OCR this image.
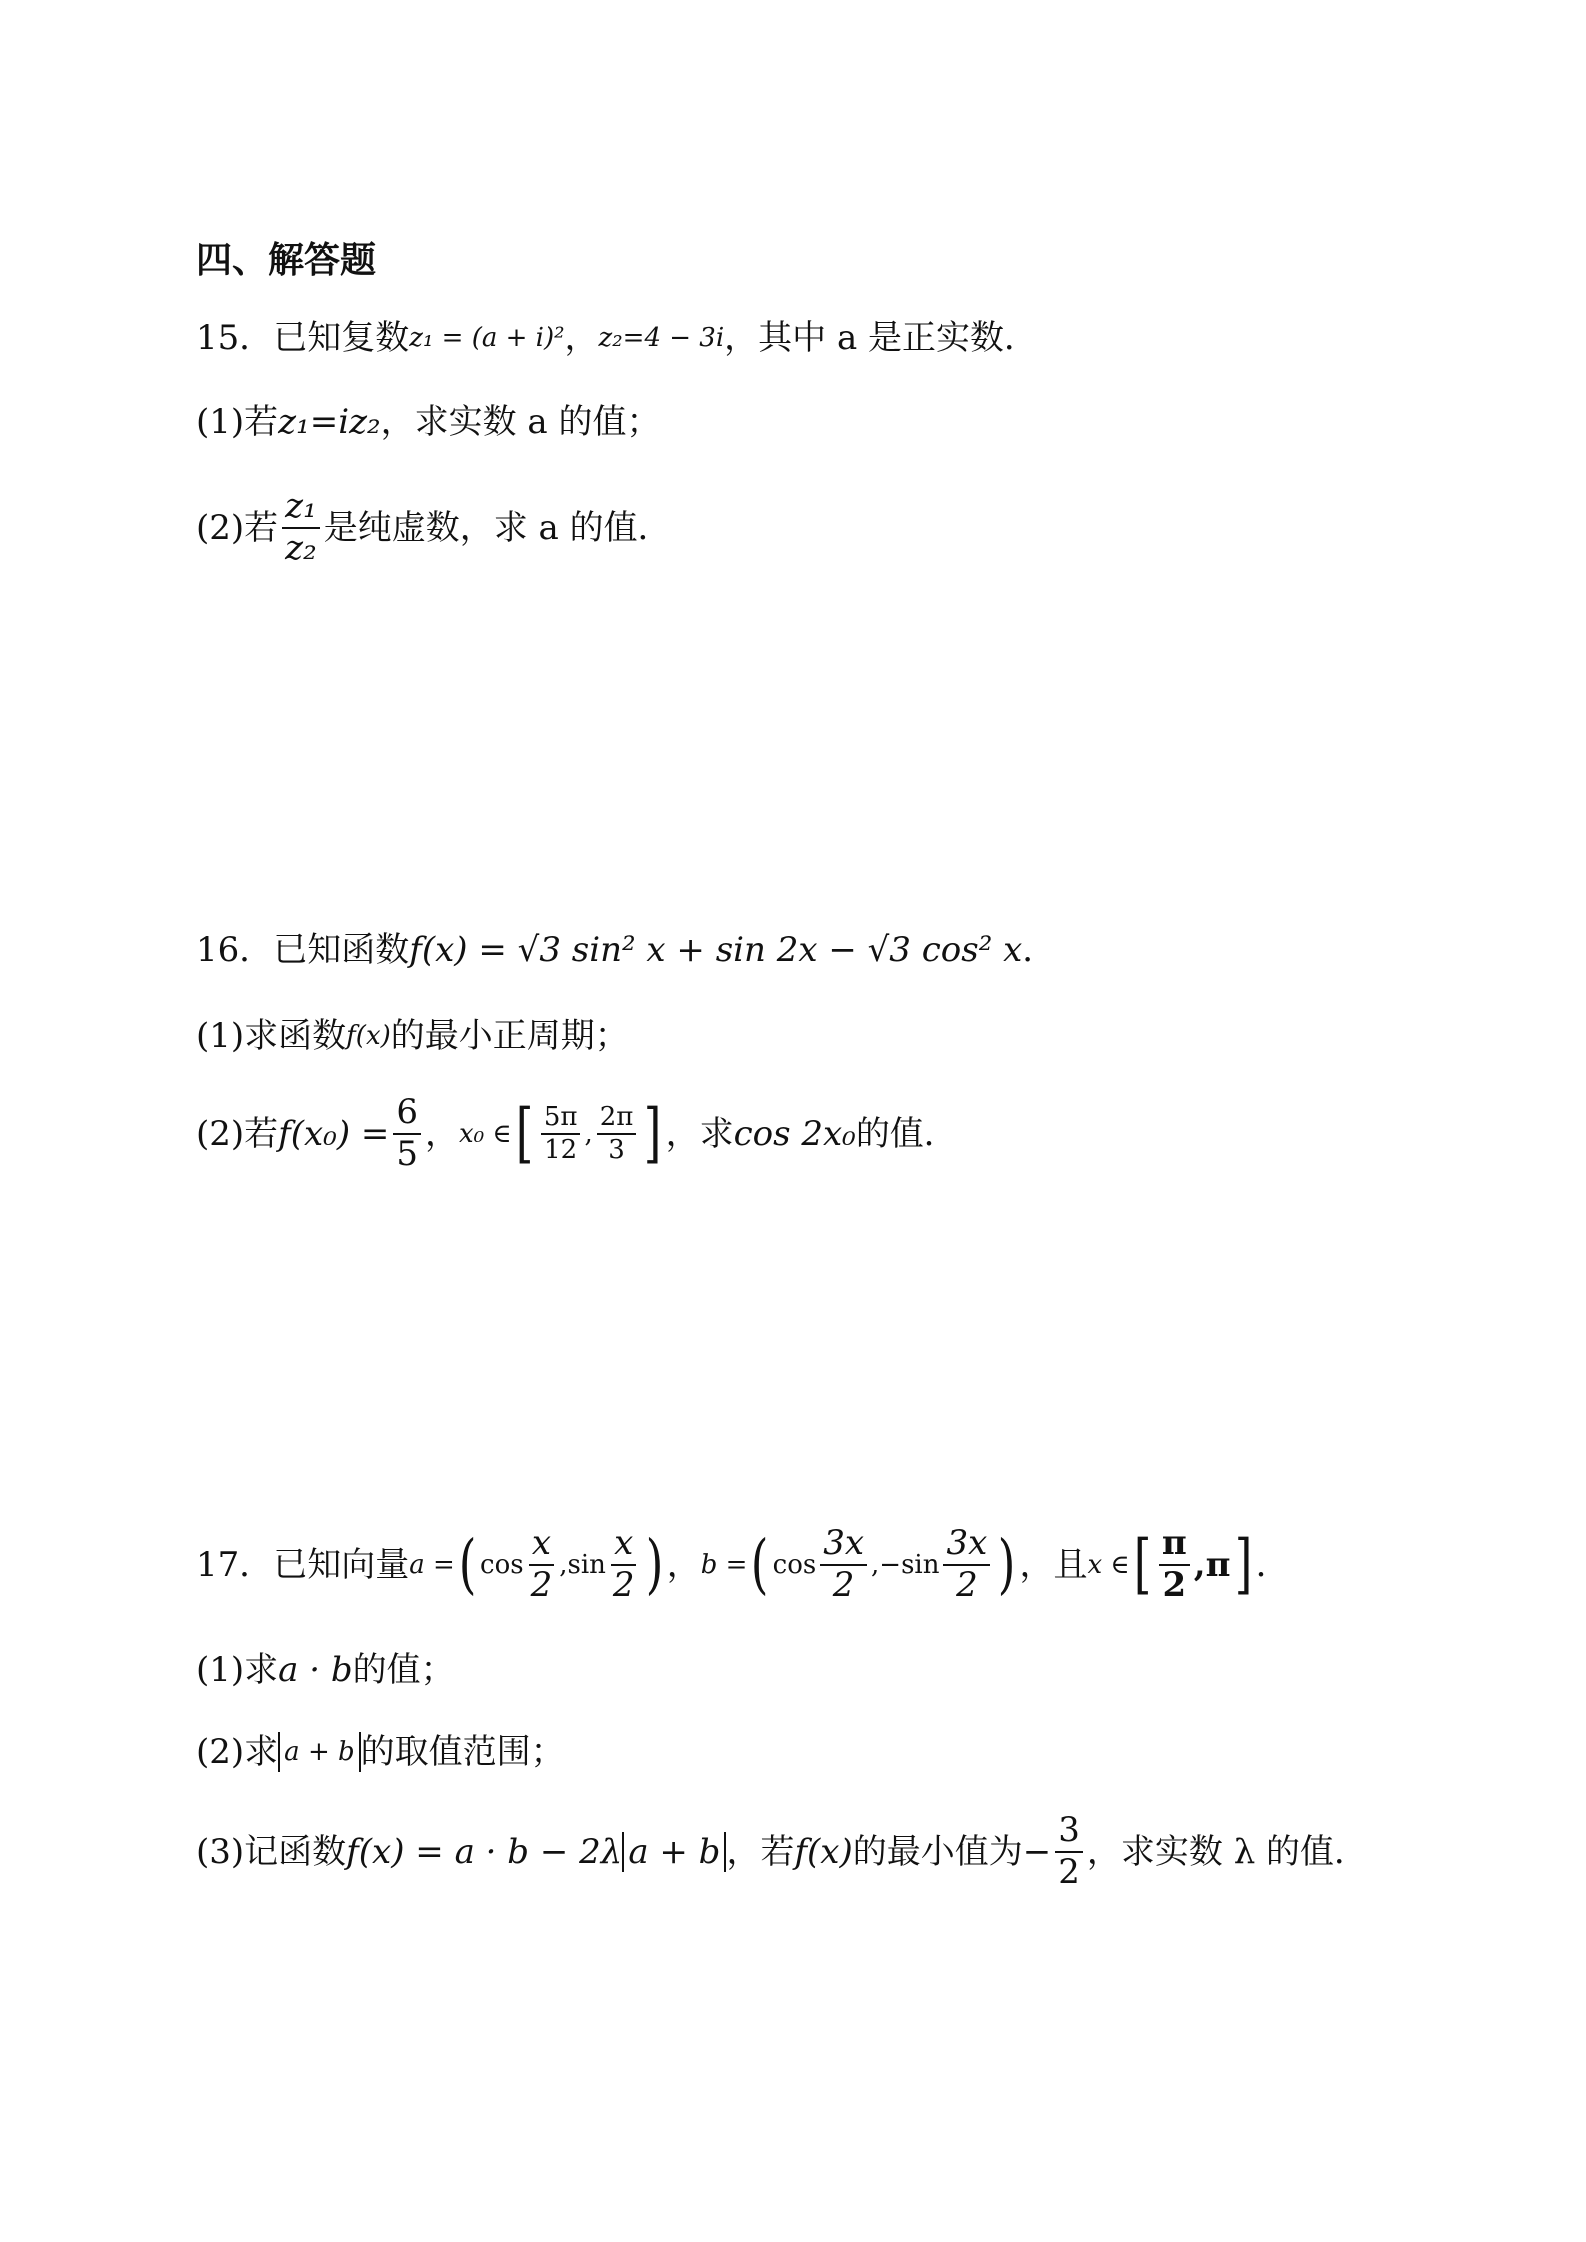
四、解答题
15． 已知复数 z₁ = (a + i)² ， z₂=4 − 3i ，其中 a 是正实数．
(1)若 z₁=iz₂ ，求实数 a 的值；
(2)若 $\frac{\text{z₁}}{\text{z₂}}$ 是纯虚数，求 a 的值．
16． 已知函数 f(x) = √3 sin² x + sin 2x − √3 cos² x ．
(1)求函数 f(x) 的最小正周期；
(2)若 $f(x_0) = \frac{6}{5}$ ， x₀ ∈ [ $\frac{5\pi}{12}$ , $\frac{2\pi}{3}$ ] ，求 cos 2x₀ 的值．
17． 已知向量 a = ( $\cos \frac{x}{2} ,\sin \frac{x}{2}$ ) ， b = ( $\cos \frac{3x}{2} ,-\sin \frac{3x}{2}$ ) ，且 x ∈ [ $\frac{\pi}{2} ,\pi$ ] ．
(1)求 a · b 的值；
(2)求 a + b 的取值范围；
(3)记函数 f(x) = a · b − 2λ a + b ，若 f(x) 的最小值为 − $\frac{3}{2}$ ，求实数 λ 的值．
